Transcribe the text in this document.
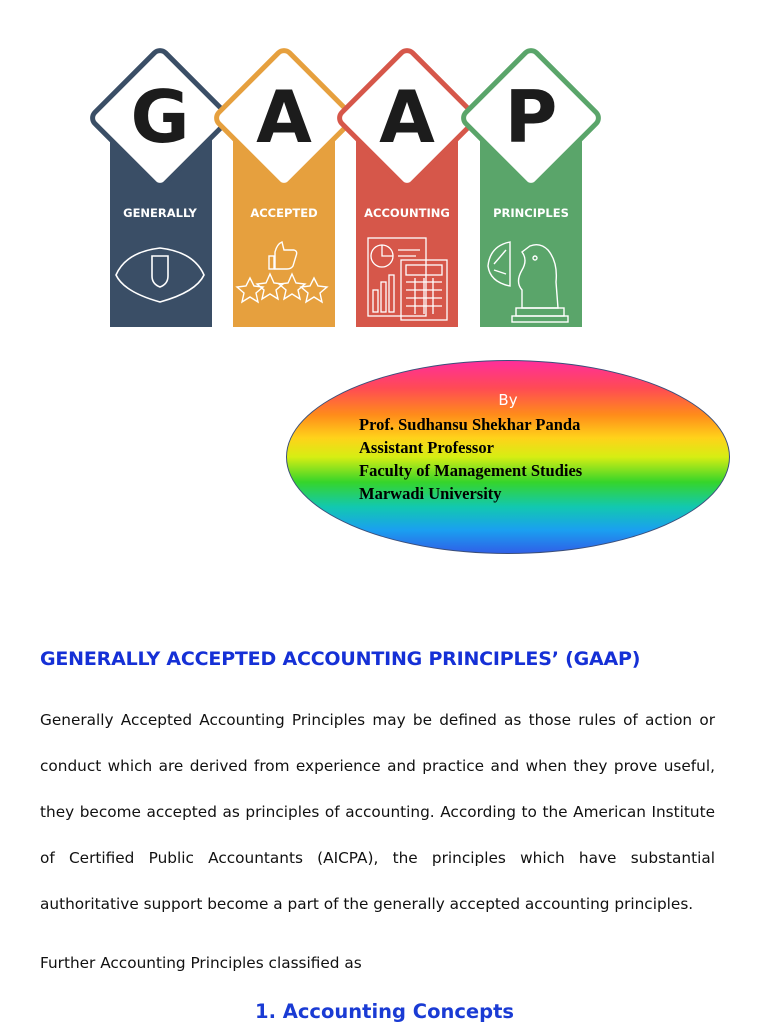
G
GENERALLY
A
ACCEPTED
A
ACCOUNTING
P
PRINCIPLES
By
Prof. Sudhansu Shekhar Panda
Assistant Professor
Faculty of Management Studies
Marwadi University
GENERALLY ACCEPTED ACCOUNTING PRINCIPLES’ (GAAP)

Generally Accepted Accounting Principles may be defined as those rules of action or conduct which are derived from experience and practice and when they prove useful, they become accepted as principles of accounting. According to the American Institute of Certified Public Accountants (AICPA), the principles which have substantial authoritative support become a part of the generally accepted accounting principles.

Further Accounting Principles classified as

1. Accounting Concepts
